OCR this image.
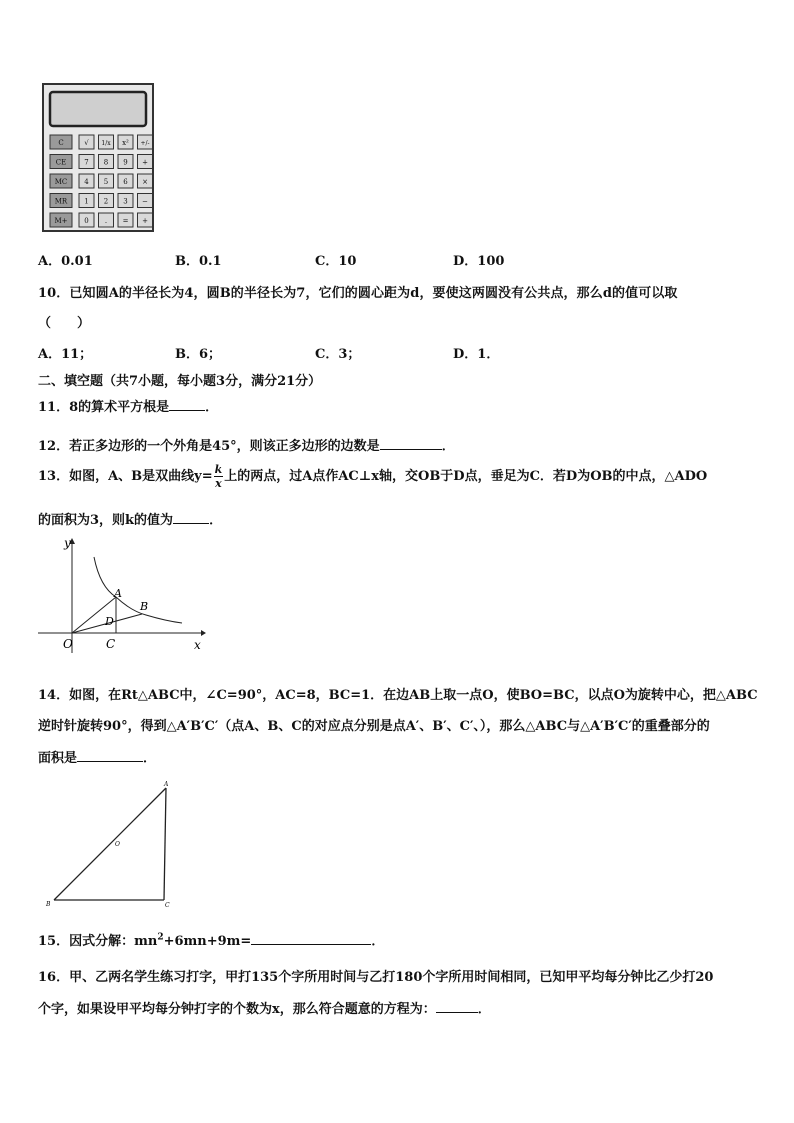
C	√ 1/x x² +/-
CE	7 8 9 +
MC 4 5 6 ×
MR 1 2 3 −
M+ 0 . = +
A．0.01	B．0.1	C．10	D．100
10．已知圆A的半径长为4，圆B的半径长为7，它们的圆心距为d，要使这两圆没有公共点，那么d的值可以取
（　　）
A．11；	B．6；	C．3；	D．1．
二、填空题（共7小题，每小题3分，满分21分）
11．8的算术平方根是	．
12．若正多边形的一个外角是45°，则该正多边形的边数是	．
13．如图，A、B是双曲线$y= \frac{k}{x}$ 上的两点，过A点作AC⊥x轴，交OB于D点，垂足为C．若D为OB的中点，△ADO
的面积为3，则k的值为	．
y
x
O
A
B
D
C
14．如图，在Rt△ABC中，∠C=90°，AC=8，BC=1．在边AB上取一点O，使BO=BC，以点O为旋转中心，把△ABC
逆时针旋转90°，得到△A′B′C′（点A、B、C的对应点分别是点A′、B′、C′、），那么△ABC与△A′B′C′的重叠部分的
面积是	．
A
B	C
O
15．因式分解：$mn^2+6mn+9m=$	．
16．甲、乙两名学生练习打字，甲打135个字所用时间与乙打180个字所用时间相同，已知甲平均每分钟比乙少打20
个字，如果设甲平均每分钟打字的个数为x，那么符合题意的方程为：	．
